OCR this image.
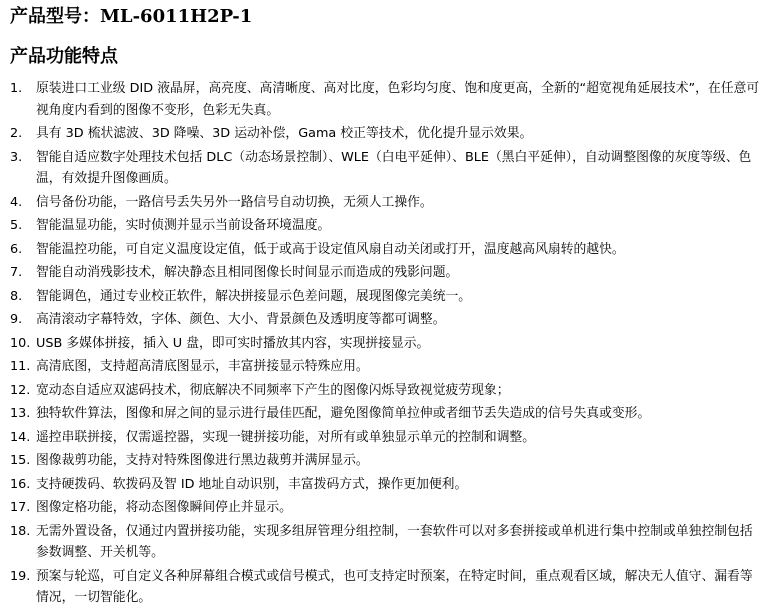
产品型号：ML-6011H2P-1
产品功能特点
1.	原装进口工业级 DID 液晶屏，高亮度、高清晰度、高对比度，色彩均匀度、饱和度更高，全新的“超宽视角延展技术”，在任意可视角度内看到的图像不变形，色彩无失真。
2.	具有 3D 梳状滤波、3D 降噪、3D 运动补偿，Gama 校正等技术，优化提升显示效果。
3.	智能自适应数字处理技术包括 DLC（动态场景控制）、WLE（白电平延伸）、BLE（黑白平延伸），自动调整图像的灰度等级、色温，有效提升图像画质。
4.	信号备份功能，一路信号丢失另外一路信号自动切换，无须人工操作。
5.	智能温显功能，实时侦测并显示当前设备环境温度。
6.	智能温控功能，可自定义温度设定值，低于或高于设定值风扇自动关闭或打开，温度越高风扇转的越快。
7.	智能自动消残影技术，解决静态且相同图像长时间显示而造成的残影问题。
8.	智能调色，通过专业校正软件，解决拼接显示色差问题，展现图像完美统一。
9.	高清滚动字幕特效，字体、颜色、大小、背景颜色及透明度等都可调整。
10. USB 多媒体拼接，插入 U 盘，即可实时播放其内容，实现拼接显示。
11. 高清底图，支持超高清底图显示，丰富拼接显示特殊应用。
12. 宽动态自适应双滤码技术，彻底解决不同频率下产生的图像闪烁导致视觉疲劳现象；
13. 独特软件算法，图像和屏之间的显示进行最佳匹配，避免图像简单拉伸或者细节丢失造成的信号失真或变形。
14. 遥控串联拼接，仅需遥控器，实现一键拼接功能，对所有或单独显示单元的控制和调整。
15. 图像裁剪功能，支持对特殊图像进行黑边裁剪并满屏显示。
16. 支持硬拨码、软拨码及智 ID 地址自动识别，丰富拨码方式，操作更加便利。
17. 图像定格功能，将动态图像瞬间停止并显示。
18. 无需外置设备，仅通过内置拼接功能，实现多组屏管理分组控制，一套软件可以对多套拼接或单机进行集中控制或单独控制包括参数调整、开关机等。
19. 预案与轮巡，可自定义各种屏幕组合模式或信号模式，也可支持定时预案，在特定时间，重点观看区域，解决无人值守、漏看等情况，一切智能化。
